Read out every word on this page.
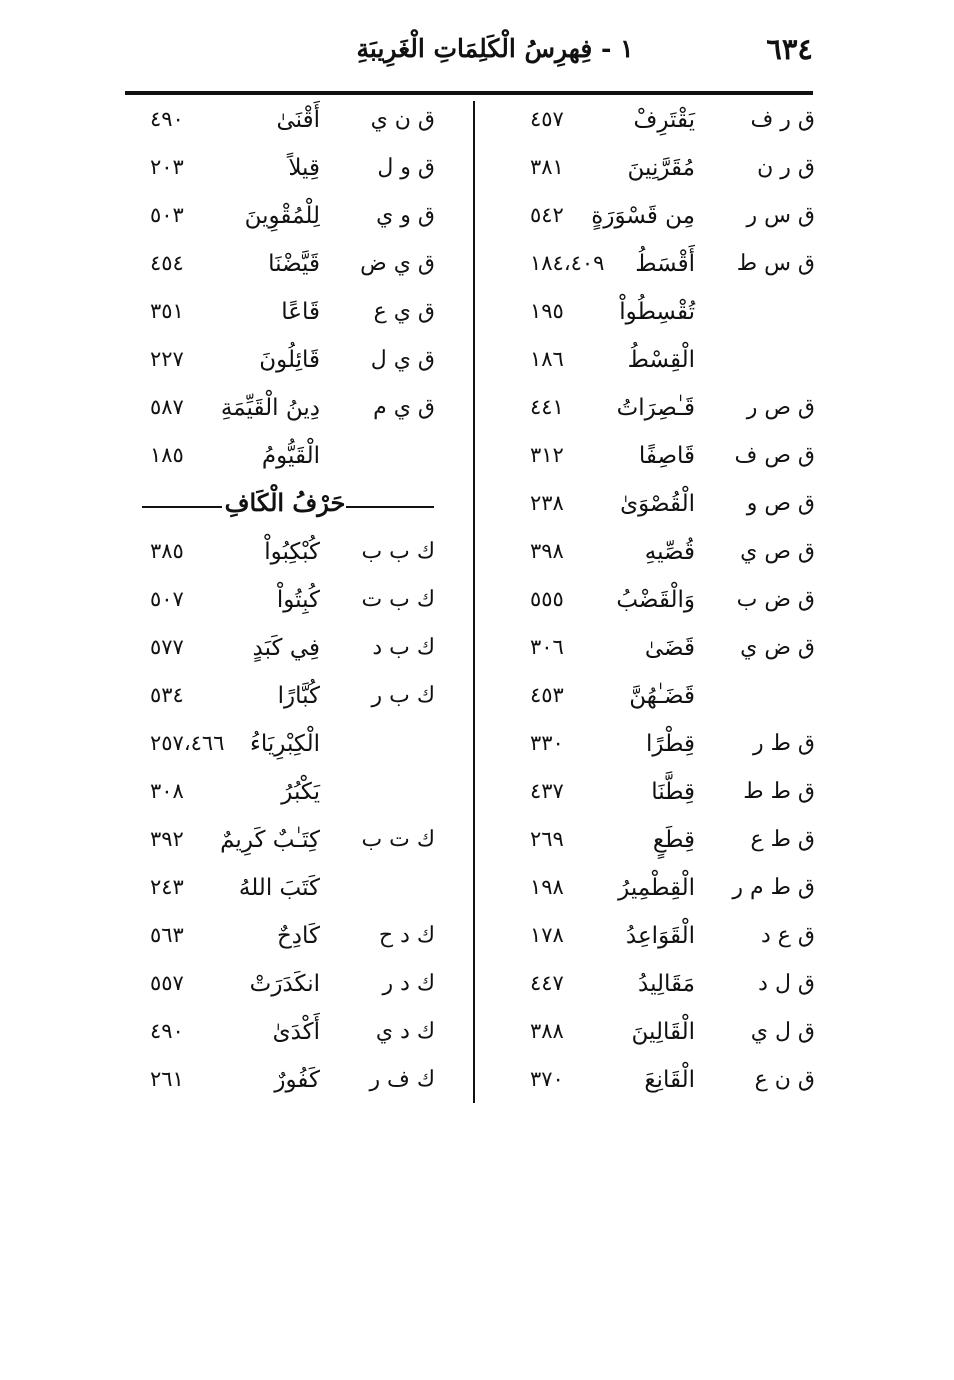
١ - فِهرِسُ الْكَلِمَاتِ الْغَرِيبَةِ	٦٣٤
ق ر ف
يَقْتَرِفْ
٤٥٧
ق ر ن
مُقَرَّنِينَ
٣٨١
ق س ر
مِن قَسْوَرَةٍ
٥٤٢
ق س ط
أَقْسَطُ
١٨٤،٤٠٩
تُقْسِطُواْ
١٩٥
الْقِسْطُ
١٨٦
ق ص ر
قَـٰصِرَاتُ
٤٤١
ق ص ف
قَاصِفًا
٣١٢
ق ص و
الْقُصْوَىٰ
٢٣٨
ق ص ي
قُصِّيهِ
٣٩٨
ق ض ب
وَالْقَضْبُ
٥٥٥
ق ض ي
قَضَىٰ
٣٠٦
قَضَـٰهُنَّ
٤٥٣
ق ط ر
قِطْرًا
٣٣٠
ق ط ط
قِطَّنَا
٤٣٧
ق ط ع
قِطَعٍ
٢٦٩
ق ط م ر
الْقِطْمِيرُ
١٩٨
ق ع د
الْقَوَاعِدُ
١٧٨
ق ل د
مَقَالِيدُ
٤٤٧
ق ل ي
الْقَالِينَ
٣٨٨
ق ن ع
الْقَانِعَ
٣٧٠
ق ن ي
أَقْنَىٰ
٤٩٠
ق و ل
قِيلاً
٢٠٣
ق و ي
لِلْمُقْوِينَ
٥٠٣
ق ي ض
قَيَّضْنَا
٤٥٤
ق ي ع
قَاعًا
٣٥١
ق ي ل
قَائِلُونَ
٢٢٧
ق ي م
دِينُ الْقَيِّمَةِ
٥٨٧
الْقَيُّومُ
١٨٥
حَرْفُ الْكَافِ
ك ب ب
كُبْكِبُواْ
٣٨٥
ك ب ت
كُبِتُواْ
٥٠٧
ك ب د
فِي كَبَدٍ
٥٧٧
ك ب ر
كُبَّارًا
٥٣٤
الْكِبْرِيَاءُ
٢٥٧،٤٦٦
يَكْبُرُ
٣٠٨
ك ت ب
كِتَـٰبٌ كَرِيمٌ
٣٩٢
كَتَبَ اللهُ
٢٤٣
ك د ح
كَادِحٌ
٥٦٣
ك د ر
انكَدَرَتْ
٥٥٧
ك د ي
أَكْدَىٰ
٤٩٠
ك ف ر
كَفُورٌ
٢٦١
